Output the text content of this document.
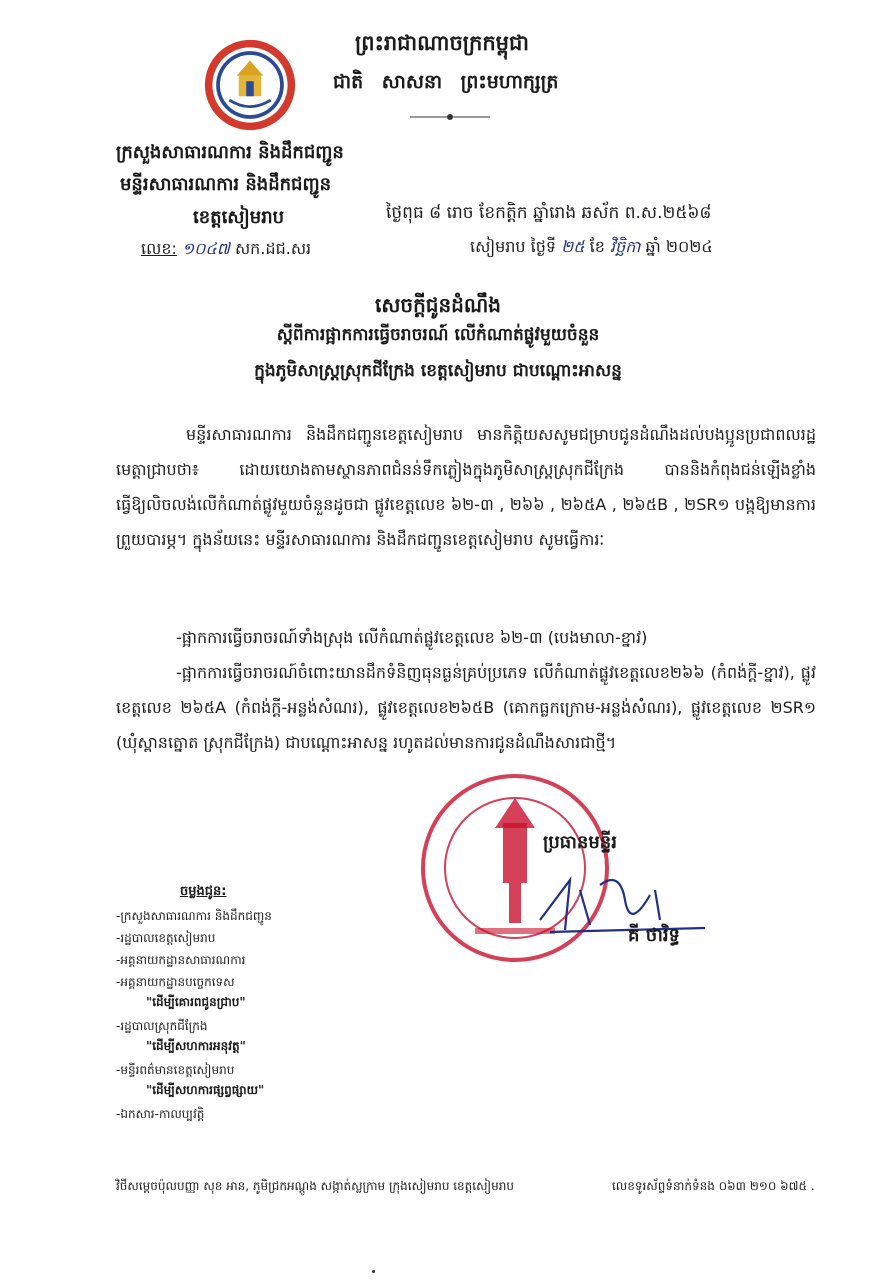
ព្រះរាជាណាចក្រកម្ពុជា
ជាតិ សាសនា ព្រះមហាក្សត្រ
ក្រសួងសាធារណការ និងដឹកជញ្ជូន
មន្ទីរសាធារណការ និងដឹកជញ្ជូន
ខេត្តសៀមរាប
លេខ: ១០៤៧ សក.ដជ.សរ
ថ្ងៃពុធ ៨ រោច ខែកត្តិក ឆ្នាំរោង ឆស័ក ព.ស.២៥៦៨
សៀមរាប ថ្ងៃទី ២៥ ខែ វិច្ឆិកា ឆ្នាំ ២០២៤
សេចក្តីជូនដំណឹង
ស្តីពីការផ្អាកការធ្វើចរាចរណ៍ លើកំណាត់ផ្លូវមួយចំនួន
ក្នុងភូមិសាស្ត្រស្រុកជីក្រែង ខេត្តសៀមរាប ជាបណ្តោះអាសន្ន
មន្ទីរសាធារណការ និងដឹកជញ្ជូនខេត្តសៀមរាប មានកិត្តិយសសូមជម្រាបជូនដំណឹងដល់បងប្អូនប្រជាពលរដ្ឋមេត្តាជ្រាបថា៖ ដោយយោងតាមស្ថានភាពជំនន់ទឹកភ្លៀងក្នុងភូមិសាស្ត្រស្រុកជីក្រែង បាននិងកំពុងជន់ឡើងខ្លាំង ធ្វើឱ្យលិចលង់លើកំណាត់ផ្លូវមួយចំនួនដូចជា ផ្លូវខេត្តលេខ ៦២-៣ , ២៦៦ , ២៦៥A , ២៦៥B , ២SR១ បង្កឱ្យមានការព្រួយបារម្ភ។ ក្នុងន័យនេះ មន្ទីរសាធារណការ និងដឹកជញ្ជូនខេត្តសៀមរាប សូមធ្វើការៈ
-ផ្អាកការធ្វើចរាចរណ៍ទាំងស្រុង លើកំណាត់ផ្លូវខេត្តលេខ ៦២-៣ (បេងមាលា-ខ្នាវ)
-ផ្អាកការធ្វើចរាចរណ៍ចំពោះយានដឹកទំនិញធុនធ្ងន់គ្រប់ប្រភេទ លើកំណាត់ផ្លូវខេត្តលេខ២៦៦ (កំពង់ក្តី-ខ្នាវ), ផ្លូវខេត្តលេខ ២៦៥A (កំពង់ក្តី-អន្លង់សំណរ), ផ្លូវខេត្តលេខ២៦៥B (គោកធ្លកក្រោម-អន្លង់សំណរ), ផ្លូវខេត្តលេខ ២SR១ (ឃុំស្ពានត្នោត ស្រុកជីក្រែង) ជាបណ្តោះអាសន្ន រហូតដល់មានការជូនដំណឹងសារជាថ្មី។
ប្រធានមន្ទីរ
គី ថារិទ្ធ
ចម្លងជូន:
-ក្រសួងសាធារណការ និងដឹកជញ្ជូន
-រដ្ឋបាលខេត្តសៀមរាប
-អគ្គនាយកដ្ឋានសាធារណការ
-អគ្គនាយកដ្ឋានបច្ចេកទេស
"ដើម្បីគោរពជូនជ្រាប"
-រដ្ឋបាលស្រុកជីក្រែង
"ដើម្បីសហការអនុវត្ត"
-មន្ទីរពត៌មានខេត្តសៀមរាប
"ដើម្បីសហការផ្សព្វផ្សាយ"
-ឯកសារ-កាលប្បវត្តិ
វិថីសម្តេចប៉ុលបញ្ញា សុខ អាន, ភូមិជ្រកអណ្តូង សង្កាត់ស្លក្រាម ក្រុងសៀមរាប ខេត្តសៀមរាប	លេខទូរស័ព្ទទំនាក់ទំនង ០៦៣ ២១០ ៦៧៥ .
